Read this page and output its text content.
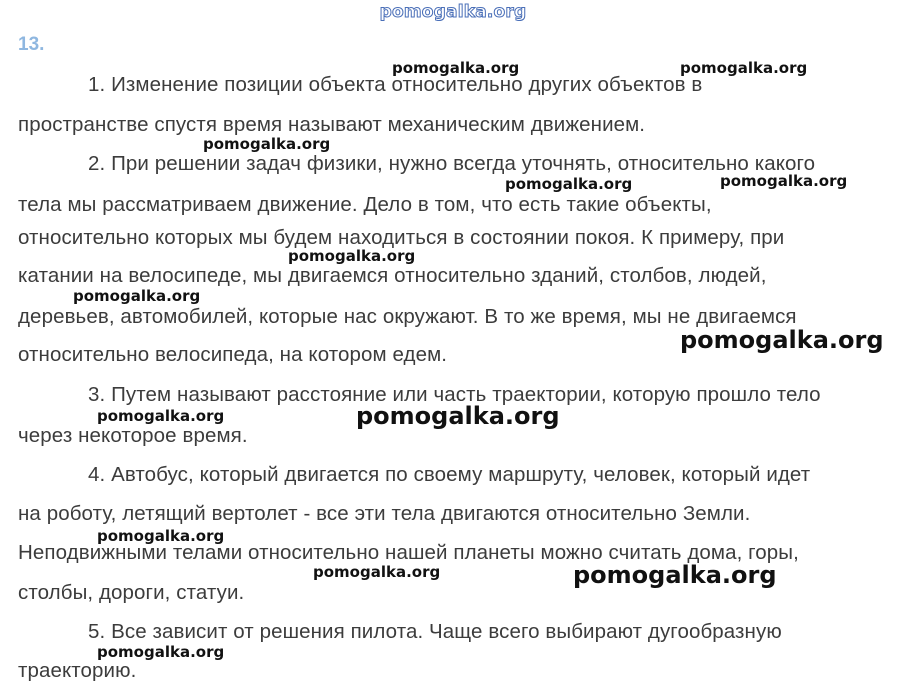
pomogalka.org
13.
1. Изменение позиции объекта относительно других объектов в
пространстве спустя время называют механическим движением.
2. При решении задач физики, нужно всегда уточнять, относительно какого
тела мы рассматриваем движение. Дело в том, что есть такие объекты,
относительно которых мы будем находиться в состоянии покоя. К примеру, при
катании на велосипеде, мы двигаемся относительно зданий, столбов, людей,
деревьев, автомобилей, которые нас окружают. В то же время, мы не двигаемся
относительно велосипеда, на котором едем.
3. Путем называют расстояние или часть траектории, которую прошло тело
через некоторое время.
4. Автобус, который двигается по своему маршруту, человек, который идет
на роботу, летящий вертолет - все эти тела двигаются относительно Земли.
Неподвижными телами относительно нашей планеты можно считать дома, горы,
столбы, дороги, статуи.
5. Все зависит от решения пилота. Чаще всего выбирают дугообразную
траекторию.
pomogalka.org	pomogalka.org
pomogalka.org
pomogalka.org	pomogalka.org
pomogalka.org
pomogalka.org
pomogalka.org
pomogalka.org	pomogalka.org
pomogalka.org
pomogalka.org	pomogalka.org
pomogalka.org
